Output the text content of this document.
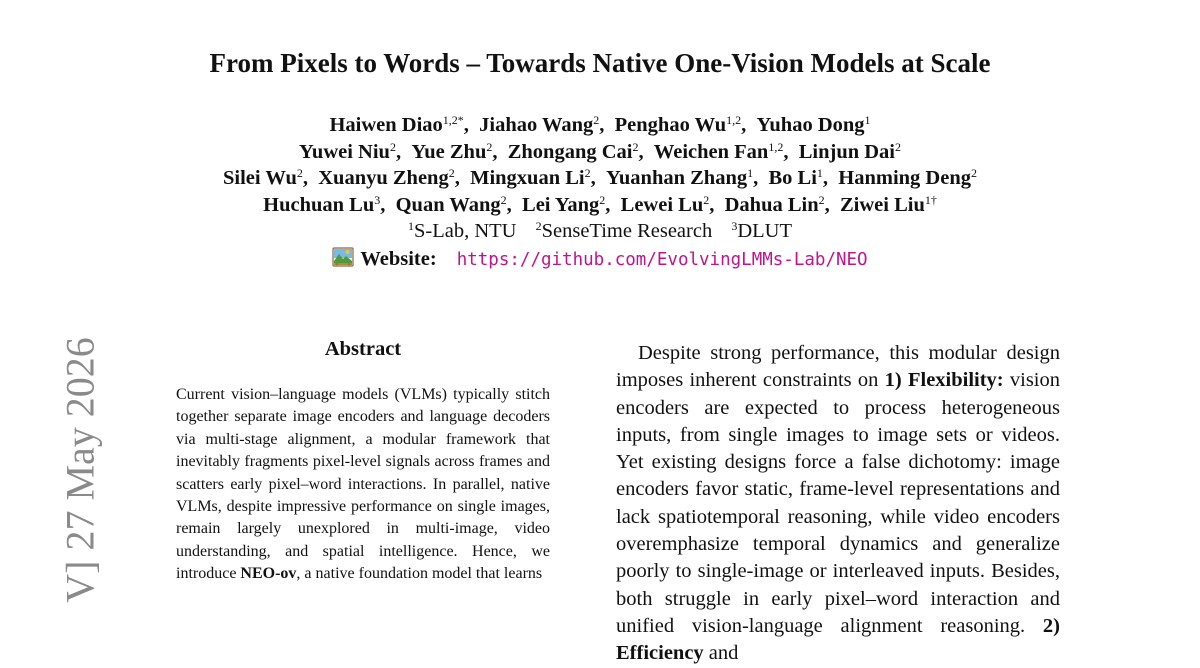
From Pixels to Words – Towards Native One-Vision Models at Scale
Haiwen Diao$^{1,2*}$ ,  Jiahao Wang$^2$ ,  Penghao Wu$^{1,2}$ ,  Yuhao Dong$^1$
Yuwei Niu$^2$ ,  Yue Zhu$^2$ ,  Zhongang Cai$^2$ ,  Weichen Fan$^{1,2}$ ,  Linjun Dai$^2$
Silei Wu$^2$ ,  Xuanyu Zheng$^2$ ,  Mingxuan Li$^2$ ,  Yuanhan Zhang$^1$ ,  Bo Li$^1$ ,  Hanming Deng$^2$
Huchuan Lu$^3$ ,  Quan Wang$^2$ ,  Lei Yang$^2$ ,  Lewei Lu$^2$ ,  Dahua Lin$^2$ ,  Ziwei Liu$^{1\dagger}$
$^1$S-Lab, NTU $^2$SenseTime Research $^3$DLUT
Website: https://github.com/EvolvingLMMs-Lab/NEO
V] 27 May 2026	Abstract
Current vision–language models (VLMs) typically stitch together separate image encoders and language decoders via multi-stage alignment, a modular framework that inevitably fragments pixel-level signals across frames and scatters early pixel–word interactions. In parallel, native VLMs, despite impressive performance on single images, remain largely unexplored in multi-image, video understanding, and spatial intelligence. Hence, we introduce NEO-ov, a native foundation model that learns
Despite strong performance, this modular design imposes inherent constraints on 1) Flexibility: vision encoders are expected to process heterogeneous inputs, from single images to image sets or videos. Yet existing designs force a false dichotomy: image encoders favor static, frame-level representations and lack spatiotemporal reasoning, while video encoders overemphasize temporal dynamics and generalize poorly to single-image or interleaved inputs. Besides, both struggle in early pixel–word interaction and unified vision-language alignment reasoning. 2) Efficiency and
